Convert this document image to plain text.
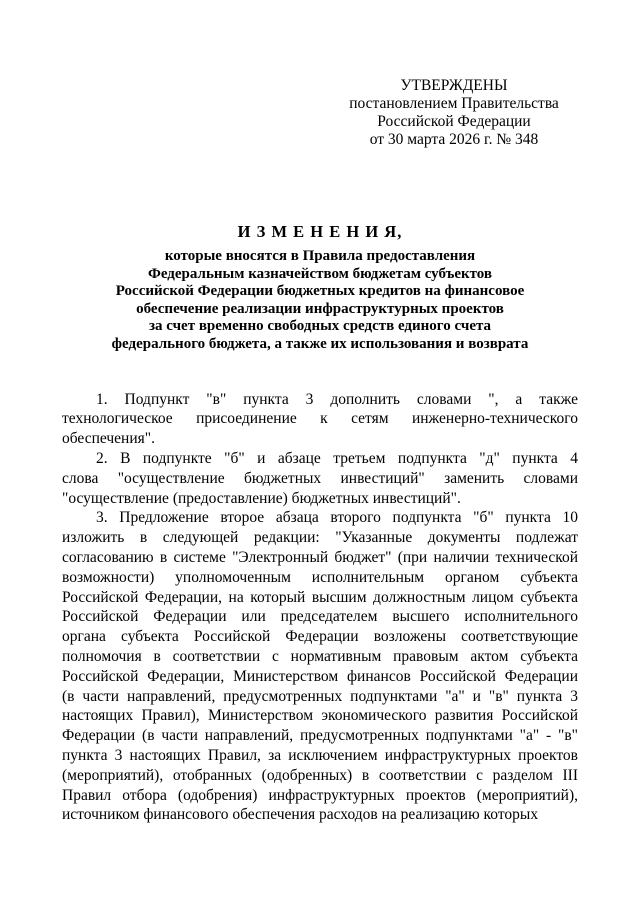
УТВЕРЖДЕНЫ
постановлением Правительства
Российской Федерации
от 30 марта 2026 г. № 348
И З М Е Н Е Н И Я,
которые вносятся в Правила предоставления
Федеральным казначейством бюджетам субъектов
Российской Федерации бюджетных кредитов на финансовое
обеспечение реализации инфраструктурных проектов
за счет временно свободных средств единого счета
федерального бюджета, а также их использования и возврата
1. Подпункт "в" пункта 3 дополнить словами ", а также
технологическое присоединение к сетям инженерно-технического
обеспечения".
2. В подпункте "б" и абзаце третьем подпункта "д" пункта 4
слова "осуществление бюджетных инвестиций" заменить словами
"осуществление (предоставление) бюджетных инвестиций".
3. Предложение второе абзаца второго подпункта "б" пункта 10
изложить в следующей редакции: "Указанные документы подлежат
согласованию в системе "Электронный бюджет" (при наличии технической
возможности) уполномоченным исполнительным органом субъекта
Российской Федерации, на который высшим должностным лицом субъекта
Российской Федерации или председателем высшего исполнительного
органа субъекта Российской Федерации возложены соответствующие
полномочия в соответствии с нормативным правовым актом субъекта
Российской Федерации, Министерством финансов Российской Федерации
(в части направлений, предусмотренных подпунктами "а" и "в" пункта 3
настоящих Правил), Министерством экономического развития Российской
Федерации (в части направлений, предусмотренных подпунктами "а" - "в"
пункта 3 настоящих Правил, за исключением инфраструктурных проектов
(мероприятий), отобранных (одобренных) в соответствии с разделом III
Правил отбора (одобрения) инфраструктурных проектов (мероприятий),
источником финансового обеспечения расходов на реализацию которых
